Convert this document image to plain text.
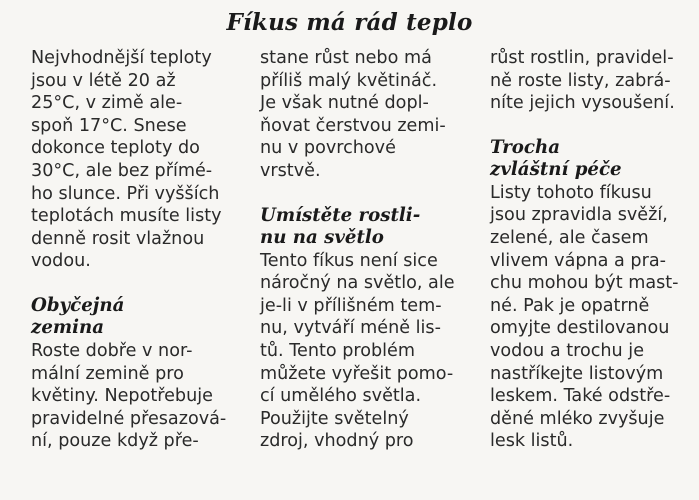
Fíkus má rád teplo
Nejvhodnější teploty
jsou v létě 20 až
25°C, v zimě ale-
spoň 17°C. Snese
dokonce teploty do
30°C, ale bez přímé-
ho slunce. Při vyšších
teplotách musíte listy
denně rosit vlažnou
vodou.
Obyčejná
zemina
Roste dobře v nor-
mální zemině pro
květiny. Nepotřebuje
pravidelné přesazová-
ní, pouze když pře-
stane růst nebo má
příliš malý květináč.
Je však nutné dopl-
ňovat čerstvou zemi-
nu v povrchové
vrstvě.
Umístěte rostli-
nu na světlo
Tento fíkus není sice
náročný na světlo, ale
je-li v přílišném tem-
nu, vytváří méně lis-
tů. Tento problém
můžete vyřešit pomo-
cí umělého světla.
Použijte světelný
zdroj, vhodný pro
růst rostlin, pravidel-
ně roste listy, zabrá-
níte jejich vysoušení.
Trocha
zvláštní péče
Listy tohoto fíkusu
jsou zpravidla svěží,
zelené, ale časem
vlivem vápna a pra-
chu mohou být mast-
né. Pak je opatrně
omyjte destilovanou
vodou a trochu je
nastříkejte listovým
leskem. Také odstře-
děné mléko zvyšuje
lesk listů.
